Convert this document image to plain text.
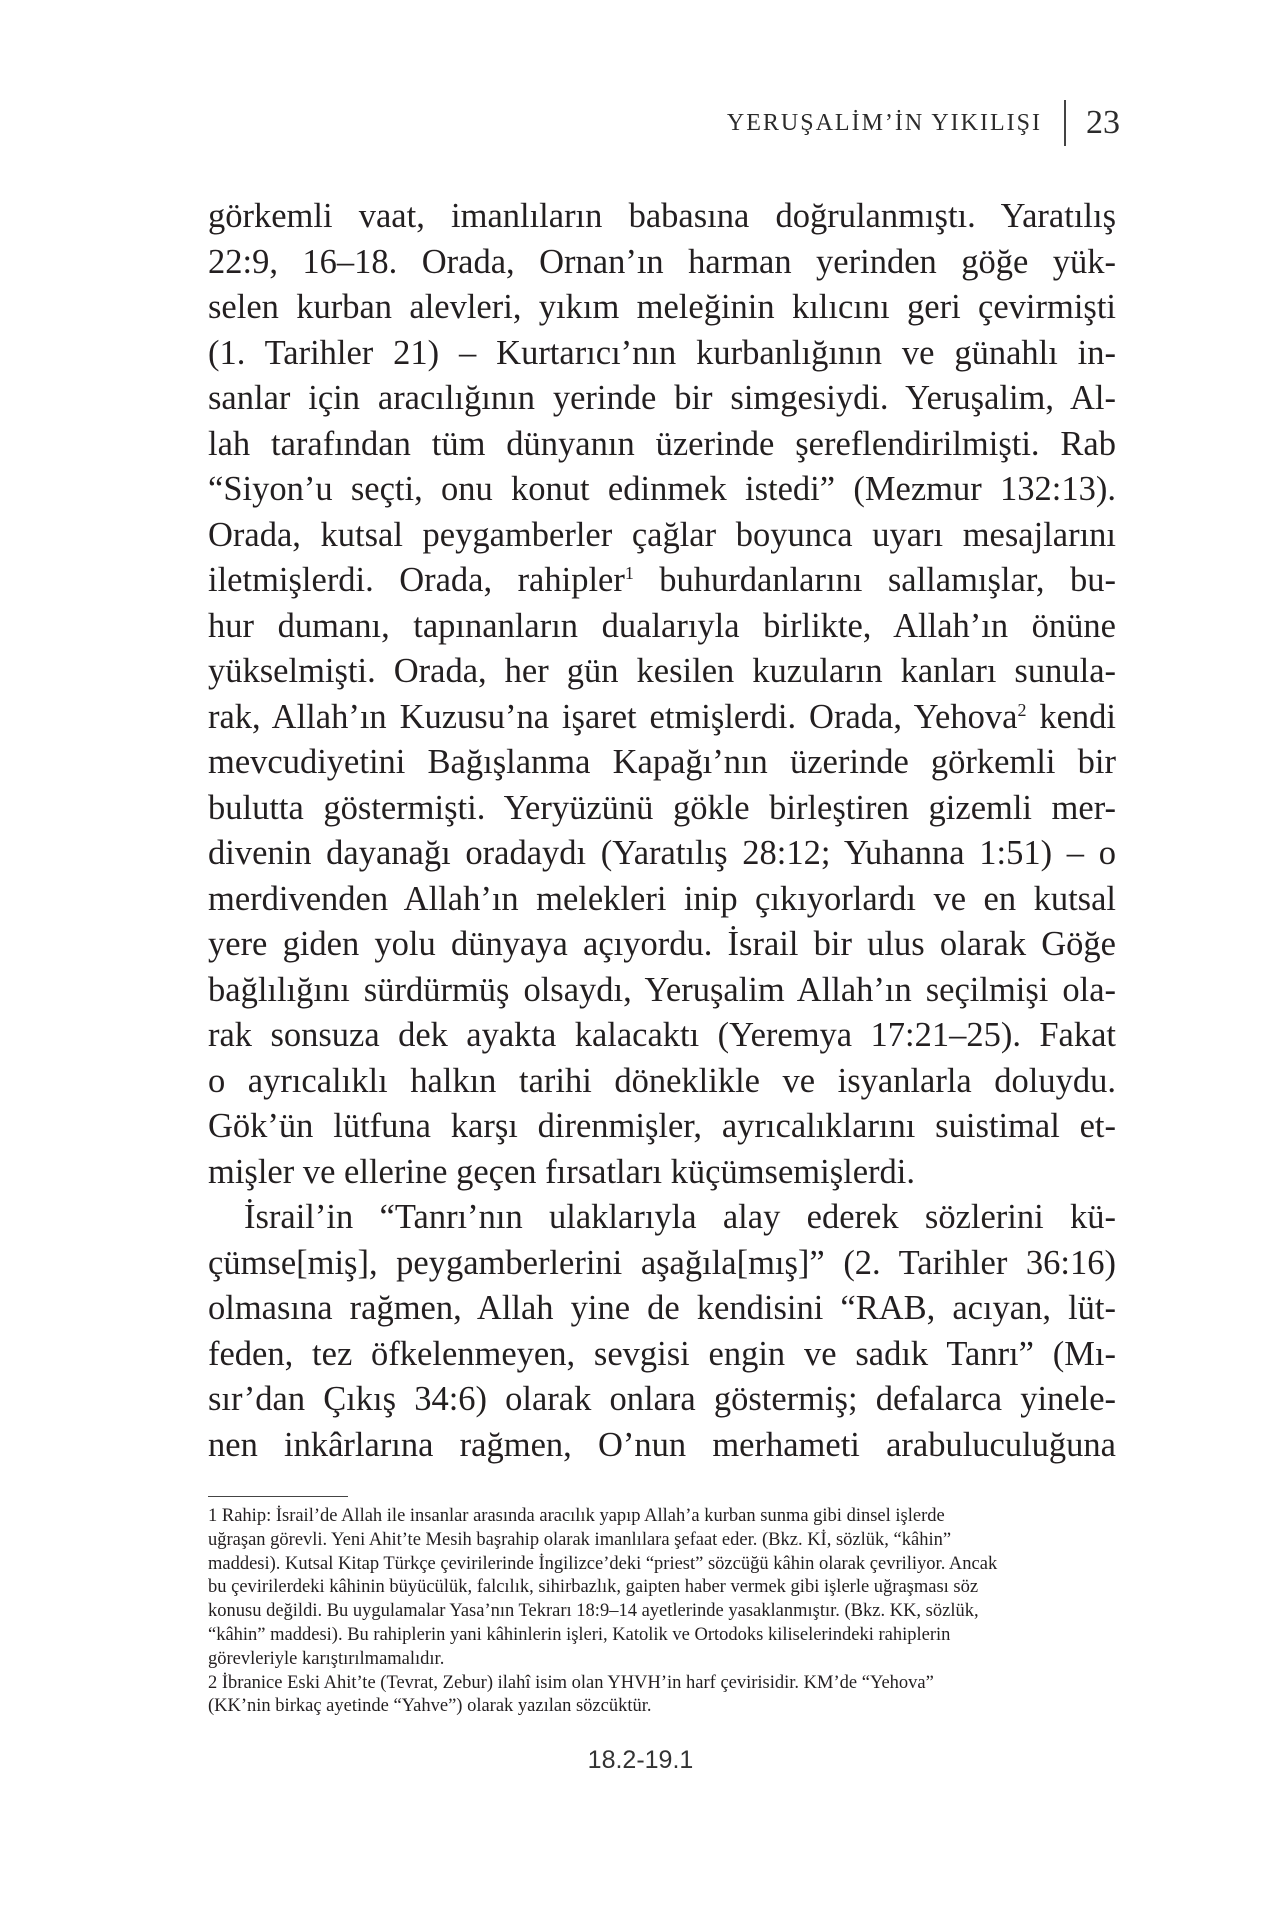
YERUŞALİM’İN YIKILIŞI 23

görkemli vaat, imanlıların babasına doğrulanmıştı. Yaratılış
22:9, 16–18. Orada, Ornan’ın harman yerinden göğe yük-
selen kurban alevleri, yıkım meleğinin kılıcını geri çevirmişti
(1. Tarihler 21) – Kurtarıcı’nın kurbanlığının ve günahlı in-
sanlar için aracılığının yerinde bir simgesiydi. Yeruşalim, Al-
lah tarafından tüm dünyanın üzerinde şereflendirilmişti. Rab
“Siyon’u seçti, onu konut edinmek istedi” (Mezmur 132:13).
Orada, kutsal peygamberler çağlar boyunca uyarı mesajlarını
iletmişlerdi. Orada, rahipler$^1$ buhurdanlarını sallamışlar, bu-
hur dumanı, tapınanların dualarıyla birlikte, Allah’ın önüne
yükselmişti. Orada, her gün kesilen kuzuların kanları sunula-
rak, Allah’ın Kuzusu’na işaret etmişlerdi. Orada, Yehova$^2$ kendi
mevcudiyetini Bağışlanma Kapağı’nın üzerinde görkemli bir
bulutta göstermişti. Yeryüzünü gökle birleştiren gizemli mer-
divenin dayanağı oradaydı (Yaratılış 28:12; Yuhanna 1:51) – o
merdivenden Allah’ın melekleri inip çıkıyorlardı ve en kutsal
yere giden yolu dünyaya açıyordu. İsrail bir ulus olarak Göğe
bağlılığını sürdürmüş olsaydı, Yeruşalim Allah’ın seçilmişi ola-
rak sonsuza dek ayakta kalacaktı (Yeremya 17:21–25). Fakat
o ayrıcalıklı halkın tarihi döneklikle ve isyanlarla doluydu.
Gök’ün lütfuna karşı direnmişler, ayrıcalıklarını suistimal et-
mişler ve ellerine geçen fırsatları küçümsemişlerdi.

İsrail’in “Tanrı’nın ulaklarıyla alay ederek sözlerini kü-
çümse[miş], peygamberlerini aşağıla[mış]” (2. Tarihler 36:16)
olmasına rağmen, Allah yine de kendisini “RAB, acıyan, lüt-
feden, tez öfkelenmeyen, sevgisi engin ve sadık Tanrı” (Mı-
sır’dan Çıkış 34:6) olarak onlara göstermiş; defalarca yinele-
nen inkârlarına rağmen, O’nun merhameti arabuluculuğuna

1 Rahip: İsrail’de Allah ile insanlar arasında aracılık yapıp Allah’a kurban sunma gibi dinsel işlerde
uğraşan görevli. Yeni Ahit’te Mesih başrahip olarak imanlılara şefaat eder. (Bkz. Kİ, sözlük, “kâhin”
maddesi). Kutsal Kitap Türkçe çevirilerinde İngilizce’deki “priest” sözcüğü kâhin olarak çevriliyor. Ancak
bu çevirilerdeki kâhinin büyücülük, falcılık, sihirbazlık, gaipten haber vermek gibi işlerle uğraşması söz
konusu değildi. Bu uygulamalar Yasa’nın Tekrarı 18:9–14 ayetlerinde yasaklanmıştır. (Bkz. KK, sözlük,
“kâhin” maddesi). Bu rahiplerin yani kâhinlerin işleri, Katolik ve Ortodoks kiliselerindeki rahiplerin
görevleriyle karıştırılmamalıdır.
2 İbranice Eski Ahit’te (Tevrat, Zebur) ilahî isim olan YHVH’in harf çevirisidir. KM’de “Yehova”
(KK’nin birkaç ayetinde “Yahve”) olarak yazılan sözcüktür.
18.2-19.1
